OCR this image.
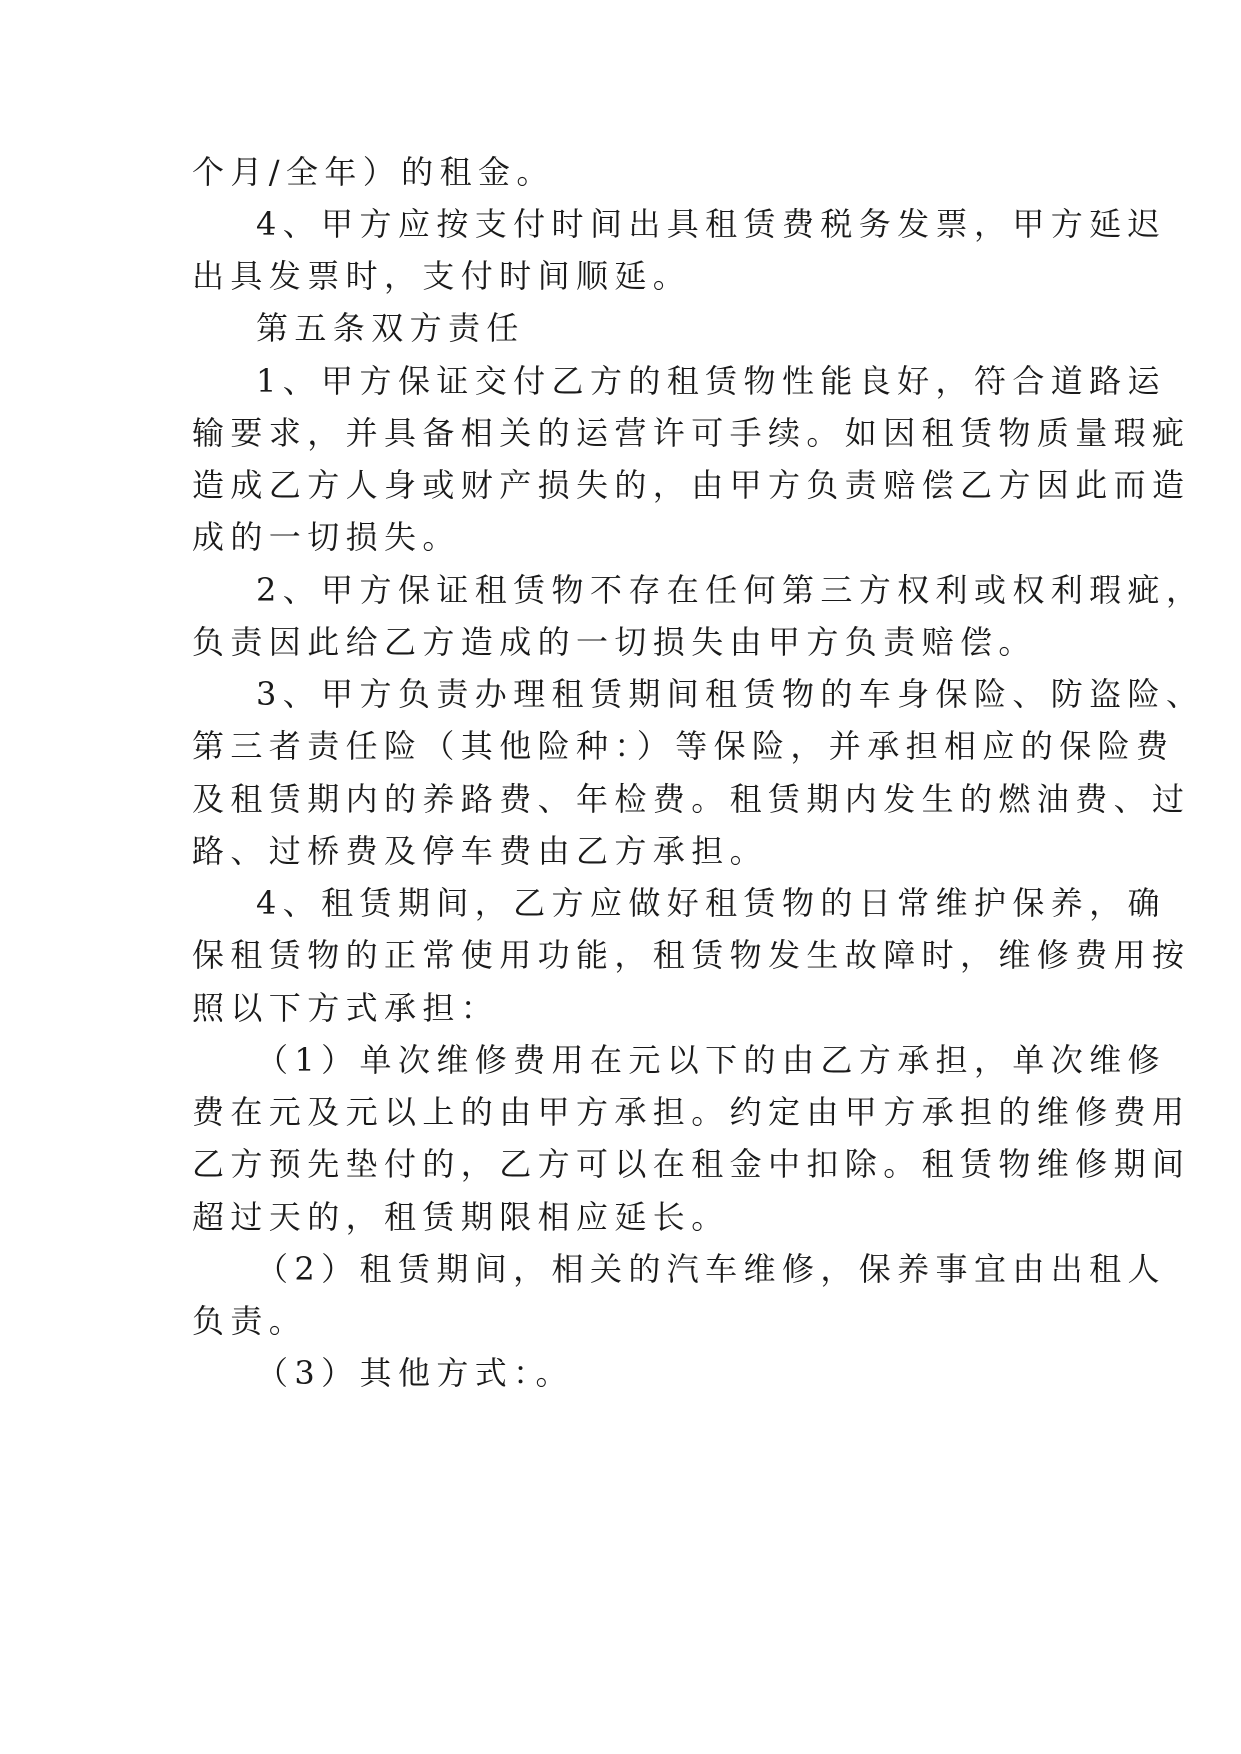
个月/全年）的租金。
4、甲方应按支付时间出具租赁费税务发票，甲方延迟
出具发票时，支付时间顺延。
第五条双方责任
1、甲方保证交付乙方的租赁物性能良好，符合道路运
输要求，并具备相关的运营许可手续。如因租赁物质量瑕疵
造成乙方人身或财产损失的，由甲方负责赔偿乙方因此而造
成的一切损失。
2、甲方保证租赁物不存在任何第三方权利或权利瑕疵，
负责因此给乙方造成的一切损失由甲方负责赔偿。
3、甲方负责办理租赁期间租赁物的车身保险、防盗险、
第三者责任险（其他险种：）等保险，并承担相应的保险费
及租赁期内的养路费、年检费。租赁期内发生的燃油费、过
路、过桥费及停车费由乙方承担。
4、租赁期间，乙方应做好租赁物的日常维护保养，确
保租赁物的正常使用功能，租赁物发生故障时，维修费用按
照以下方式承担：
（1）单次维修费用在元以下的由乙方承担，单次维修
费在元及元以上的由甲方承担。约定由甲方承担的维修费用
乙方预先垫付的，乙方可以在租金中扣除。租赁物维修期间
超过天的，租赁期限相应延长。
（2）租赁期间，相关的汽车维修，保养事宜由出租人
负责。
（3）其他方式：。
